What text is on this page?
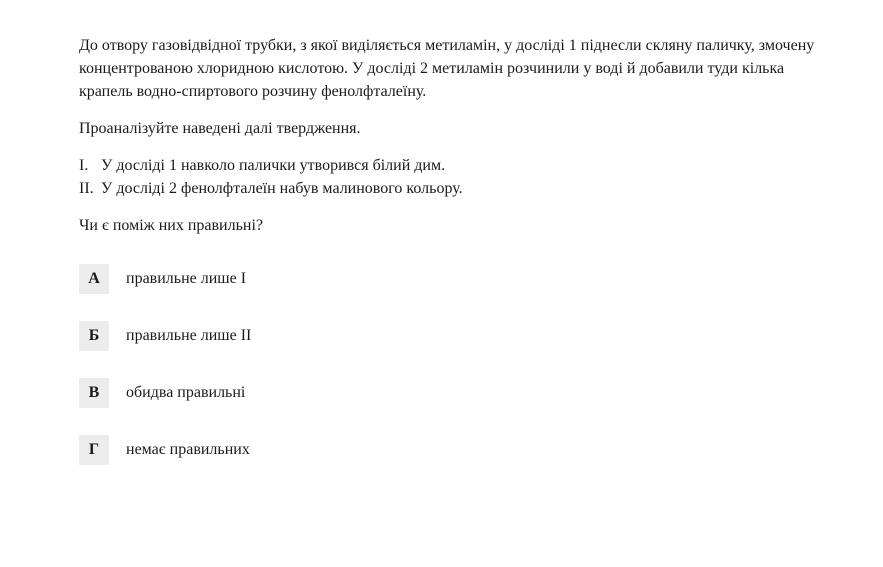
До отвору газовідвідної трубки, з якої виділяється метиламін, у досліді 1 піднесли скляну паличку, змочену концентрованою хлоридною кислотою. У досліді 2 метиламін розчинили у воді й добавили туди кілька крапель водно-спиртового розчину фенолфталеїну.

Проаналізуйте наведені далі твердження.

I. У досліді 1 навколо палички утворився білий дим.
II. У досліді 2 фенолфталеїн набув малинового кольору.

Чи є поміж них правильні?

А	правильне лише I
Б	правильне лише II
В	обидва правильні
Г	немає правильних
